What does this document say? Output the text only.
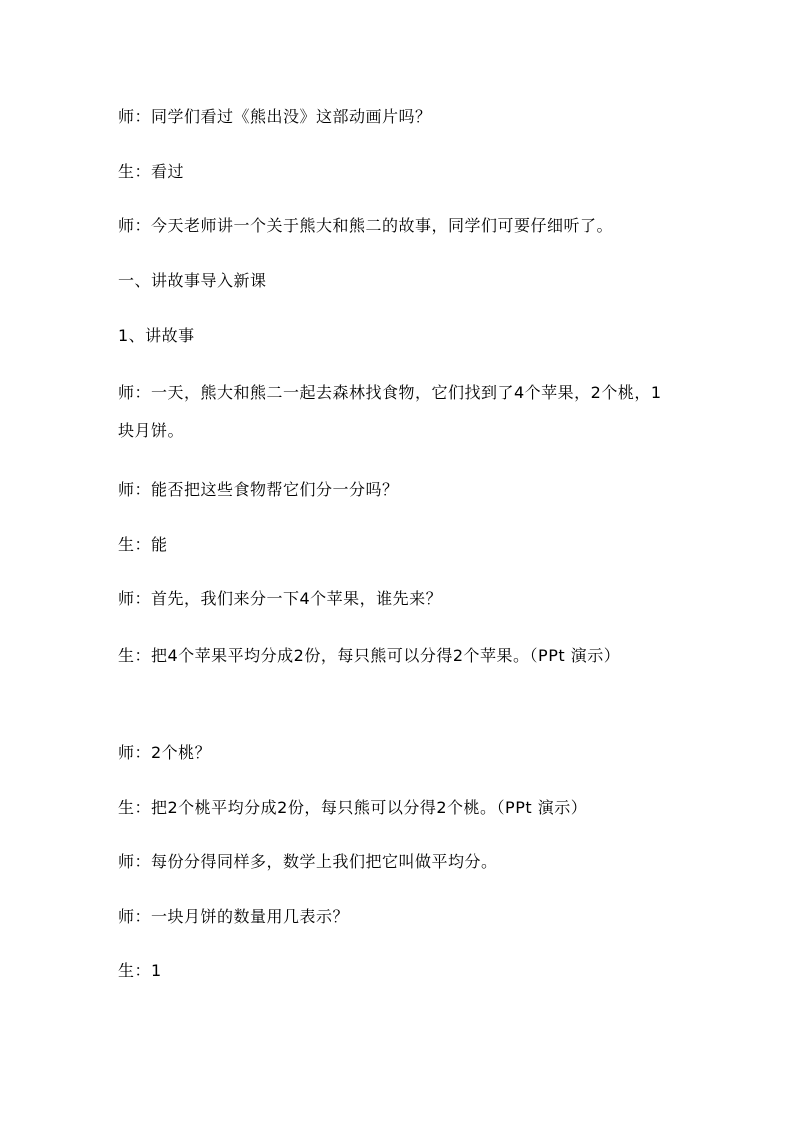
师：同学们看过《熊出没》这部动画片吗？
生：看过
师：今天老师讲一个关于熊大和熊二的故事，同学们可要仔细听了。
一、讲故事导入新课
1、讲故事
师：一天，熊大和熊二一起去森林找食物，它们找到了4个苹果，2个桃，1块月饼。
师：能否把这些食物帮它们分一分吗？
生：能
师：首先，我们来分一下4个苹果，谁先来？
生：把4个苹果平均分成2份，每只熊可以分得2个苹果。（PPt 演示）
师：2个桃？
生：把2个桃平均分成2份，每只熊可以分得2个桃。（PPt 演示）
师：每份分得同样多，数学上我们把它叫做平均分。
师：一块月饼的数量用几表示？
生：1
